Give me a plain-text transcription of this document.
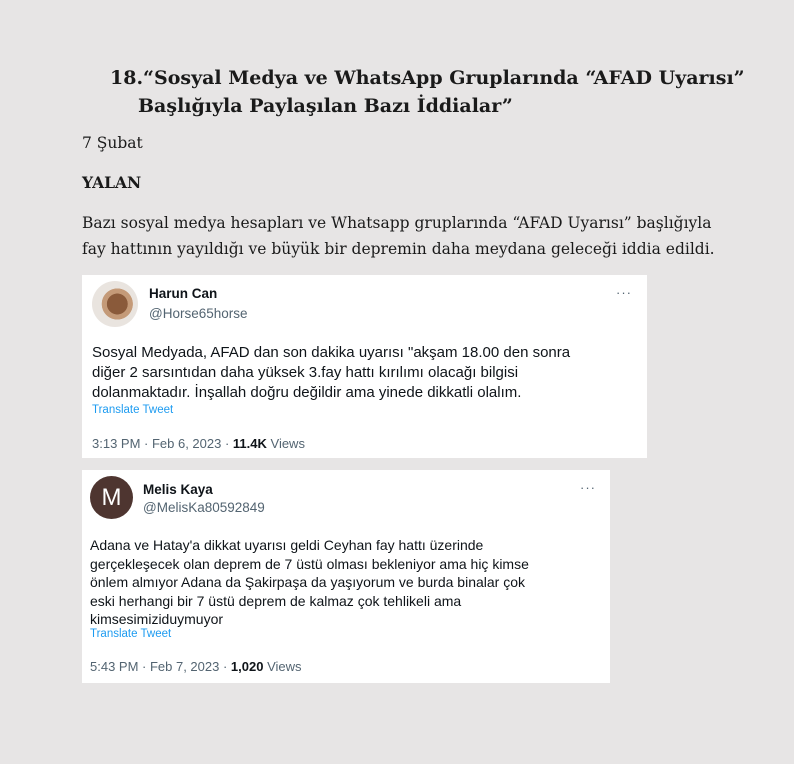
18.“Sosyal Medya ve WhatsApp Gruplarında “AFAD Uyarısı”
Başlığıyla Paylaşılan Bazı İddialar”
7 Şubat
YALAN
Bazı sosyal medya hesapları ve Whatsapp gruplarında “AFAD Uyarısı” başlığıyla
fay hattının yayıldığı ve büyük bir depremin daha meydana geleceği iddia edildi.
Harun Can
@Horse65horse
···
Sosyal Medyada, AFAD dan son dakika uyarısı "akşam 18.00 den sonra
diğer 2 sarsıntıdan daha yüksek 3.fay hattı kırılımı olacağı bilgisi
dolanmaktadır. İnşallah doğru değildir ama yinede dikkatli olalım.
Translate Tweet
3:13 PM · Feb 6, 2023 · 11.4K Views
M	Melis Kaya
@MelisKa80592849
···
Adana ve Hatay'a dikkat uyarısı geldi Ceyhan fay hattı üzerinde
gerçekleşecek olan deprem de 7 üstü olması bekleniyor ama hiç kimse
önlem almıyor Adana da Şakirpaşa da yaşıyorum ve burda binalar çok
eski herhangi bir 7 üstü deprem de kalmaz çok tehlikeli ama
kimsesimiziduymuyor
Translate Tweet
5:43 PM · Feb 7, 2023 · 1,020 Views
